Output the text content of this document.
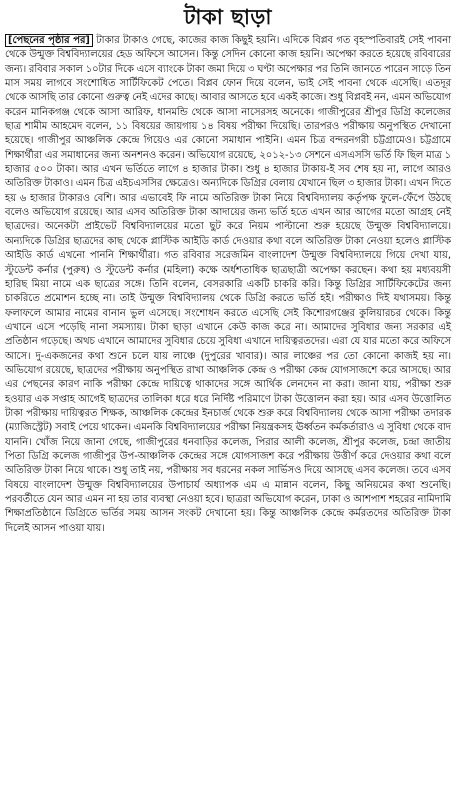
টাকা ছাড়া

[পেছনের পৃষ্ঠার পর] টাকার টাকাও গেছে, কাজের কাজ কিছুই হয়নি। এদিকে বিপ্লব গত বৃহস্পতিবারই সেই পাবনা থেকে উন্মুক্ত বিশ্ববিদ্যালয়ের হেড অফিসে আসেন। কিন্তু সেদিন কোনো কাজ হয়নি। অপেক্ষা করতে হয়েছে রবিবারের জন্য। রবিবার সকাল ১০টার দিকে এসে ব্যাংকে টাকা জমা দিয়ে ৩ ঘণ্টা অপেক্ষার পর তিনি জানতে পারেন সাড়ে তিন মাস সময় লাগবে সংশোধিত সার্টিফিকেট পেতে। বিপ্লব ফোন দিয়ে বলেন, ভাই সেই পাবনা থেকে এসেছি। এতদূর থেকে আসছি তার কোনো গুরুত্ব নেই এদের কাছে। আবার আসতে হবে একই কাজে। শুধু বিপ্লবই নন, এমন অভিযোগ করেন মানিকগঞ্জ থেকে আসা আরিফ, ধানমন্ডি থেকে আসা নাসেরসহ অনেকে। গাজীপুরের শ্রীপুর ডিগ্রি কলেজের ছাত্র শামীম আহমেদ বলেন, ১১ বিষয়ের জায়গায় ১৪ বিষয় পরীক্ষা দিয়েছি। তারপরও পরীক্ষায় অনুপস্থিত দেখানো হয়েছে। গাজীপুর আঞ্চলিক কেন্দ্রে গিয়েও এর কোনো সমাধান পাইনি। এমন চিত্র বন্দরনগরী চট্টগ্রামেও। চট্টগ্রামে শিক্ষার্থীরা এর সমাধানের জন্য অনশনও করেন। অভিযোগ রয়েছে, ২০১২-১৩ সেশনে এসএসসি ভর্তি ফি ছিল মাত্র ১ হাজার ৫০০ টাকা। আর এখন ভর্তিতে লাগে ৪ হাজার টাকা। শুধু ৪ হাজার টাকায়-ই সব শেষ হয় না, লাগে আরও অতিরিক্ত টাকাও। এমন চিত্র এইচএসসির ক্ষেত্রেও। অন্যদিকে ডিগ্রির বেলায় যেখানে ছিল ৩ হাজার টাকা। এখন দিতে হয় ৬ হাজার টাকারও বেশি। আর এভাবেই ফি নামে অতিরিক্ত টাকা নিয়ে বিশ্ববিদ্যালয় কর্তৃপক্ষ ফুলে-ফেঁপে উঠছে বলেও অভিযোগ রয়েছে। আর এসব অতিরিক্ত টাকা আদায়ের জন্য ভর্তি হতে এখন আর আগের মতো আগ্রহ নেই ছাত্রদের। অনেকটা প্রাইভেট বিশ্ববিদ্যালয়ের মতো ছুট করে নিয়ম পাল্টানো শুরু হয়েছে উন্মুক্ত বিশ্ববিদ্যালয়ে। অন্যদিকে ডিগ্রির ছাত্রদের কাছ থেকে প্লাস্টিক আইডি কার্ড দেওয়ার কথা বলে অতিরিক্ত টাকা নেওয়া হলেও প্লাস্টিক আইডি কার্ড এখনো পাননি শিক্ষার্থীরা। গত রবিবার সরেজমিন বাংলাদেশ উন্মুক্ত বিশ্ববিদ্যালয়ে গিয়ে দেখা যায়, স্টুডেন্ট কর্নার (পুরুষ) ও স্টুডেন্ট কর্নার (মহিলা) কক্ষে অর্ধশতাধিক ছাত্রছাত্রী অপেক্ষা করছেন। কথা হয় মধ্যবয়সী হারিছ মিয়া নামে এক ছাত্রের সঙ্গে। তিনি বলেন, বেসরকারি একটি চাকরি করি। কিন্তু ডিগ্রির সার্টিফিকেটের জন্য চাকরিতে প্রমোশন হচ্ছে না। তাই উন্মুক্ত বিশ্ববিদ্যালয় থেকে ডিগ্রি করতে ভর্তি হই। পরীক্ষাও দিই যথাসময়। কিন্তু ফলাফলে আমার নামের বানান ভুল এসেছে। সংশোধন করতে এসেছি সেই কিশোরগঞ্জের কুলিয়ারচর থেকে। কিন্তু এখানে এসে পড়েছি নানা সমস্যায়। টাকা ছাড়া এখানে কেউ কাজ করে না। আমাদের সুবিধার জন্য সরকার এই প্রতিষ্ঠান গড়েছে। অথচ এখানে আমাদের সুবিধার চেয়ে সুবিধা এখানে দায়িত্বরতদের। এরা যে যার মতো করে অফিসে আসে। দু-একজনের কথা শুনে চলে যায় লাঞ্চে (দুপুরের খাবার)। আর লাঞ্চের পর তো কোনো কাজই হয় না। অভিযোগ রয়েছে, ছাত্রদের পরীক্ষায় অনুপস্থিত রাখা আঞ্চলিক কেন্দ্র ও পরীক্ষা কেন্দ্র যোগসাজশে করে আসছে। আর এর পেছনের কারণ নাকি পরীক্ষা কেন্দ্রে দায়িত্বে থাকাদের সঙ্গে আর্থিক লেনদেন না করা। জানা যায়, পরীক্ষা শুরু হওয়ার এক সপ্তাহ আগেই ছাত্রদের তালিকা ধরে ধরে নির্দিষ্ট পরিমাণে টাকা উত্তোলন করা হয়। আর এসব উত্তোলিত টাকা পরীক্ষায় দায়িত্বরত শিক্ষক, আঞ্চলিক কেন্দ্রের ইনচার্জ থেকে শুরু করে বিশ্ববিদ্যালয় থেকে আসা পরীক্ষা তদারক (ম্যাজিস্ট্রেট) সবাই পেয়ে থাকেন। এমনকি বিশ্ববিদ্যালয়ের পরীক্ষা নিয়ন্ত্রকসহ ঊর্ধ্বতন কর্মকর্তারাও এ সুবিধা থেকে বাদ যাননি। খোঁজ নিয়ে জানা গেছে, গাজীপুরের ধনবাড়ির কলেজ, পিরার আলী কলেজ, শ্রীপুর কলেজ, চন্দ্রা জাতীয় পিতা ডিগ্রি কলেজ গাজীপুর উপ-আঞ্চলিক কেন্দ্রের সঙ্গে যোগসাজশ করে পরীক্ষায় উত্তীর্ণ করে দেওয়ার কথা বলে অতিরিক্ত টাকা নিয়ে থাকে। শুধু তাই নয়, পরীক্ষায় সব ধরনের নকল সার্ভিসও দিয়ে আসছে এসব কলেজ। তবে এসব বিষয়ে বাংলাদেশ উন্মুক্ত বিশ্ববিদ্যালয়ের উপাচার্য অধ্যাপক এম এ মান্নান বলেন, কিছু অনিয়মের কথা শুনেছি। পরবর্তীতে যেন আর এমন না হয় তার ব্যবস্থা নেওয়া হবে। ছাত্ররা অভিযোগ করেন, ঢাকা ও আশপাশ শহরের নামিদামি শিক্ষাপ্রতিষ্ঠানে ডিগ্রিতে ভর্তির সময় আসন সংকট দেখানো হয়। কিন্তু আঞ্চলিক কেন্দ্রে কর্মরতদের অতিরিক্ত টাকা দিলেই আসন পাওয়া যায়।
